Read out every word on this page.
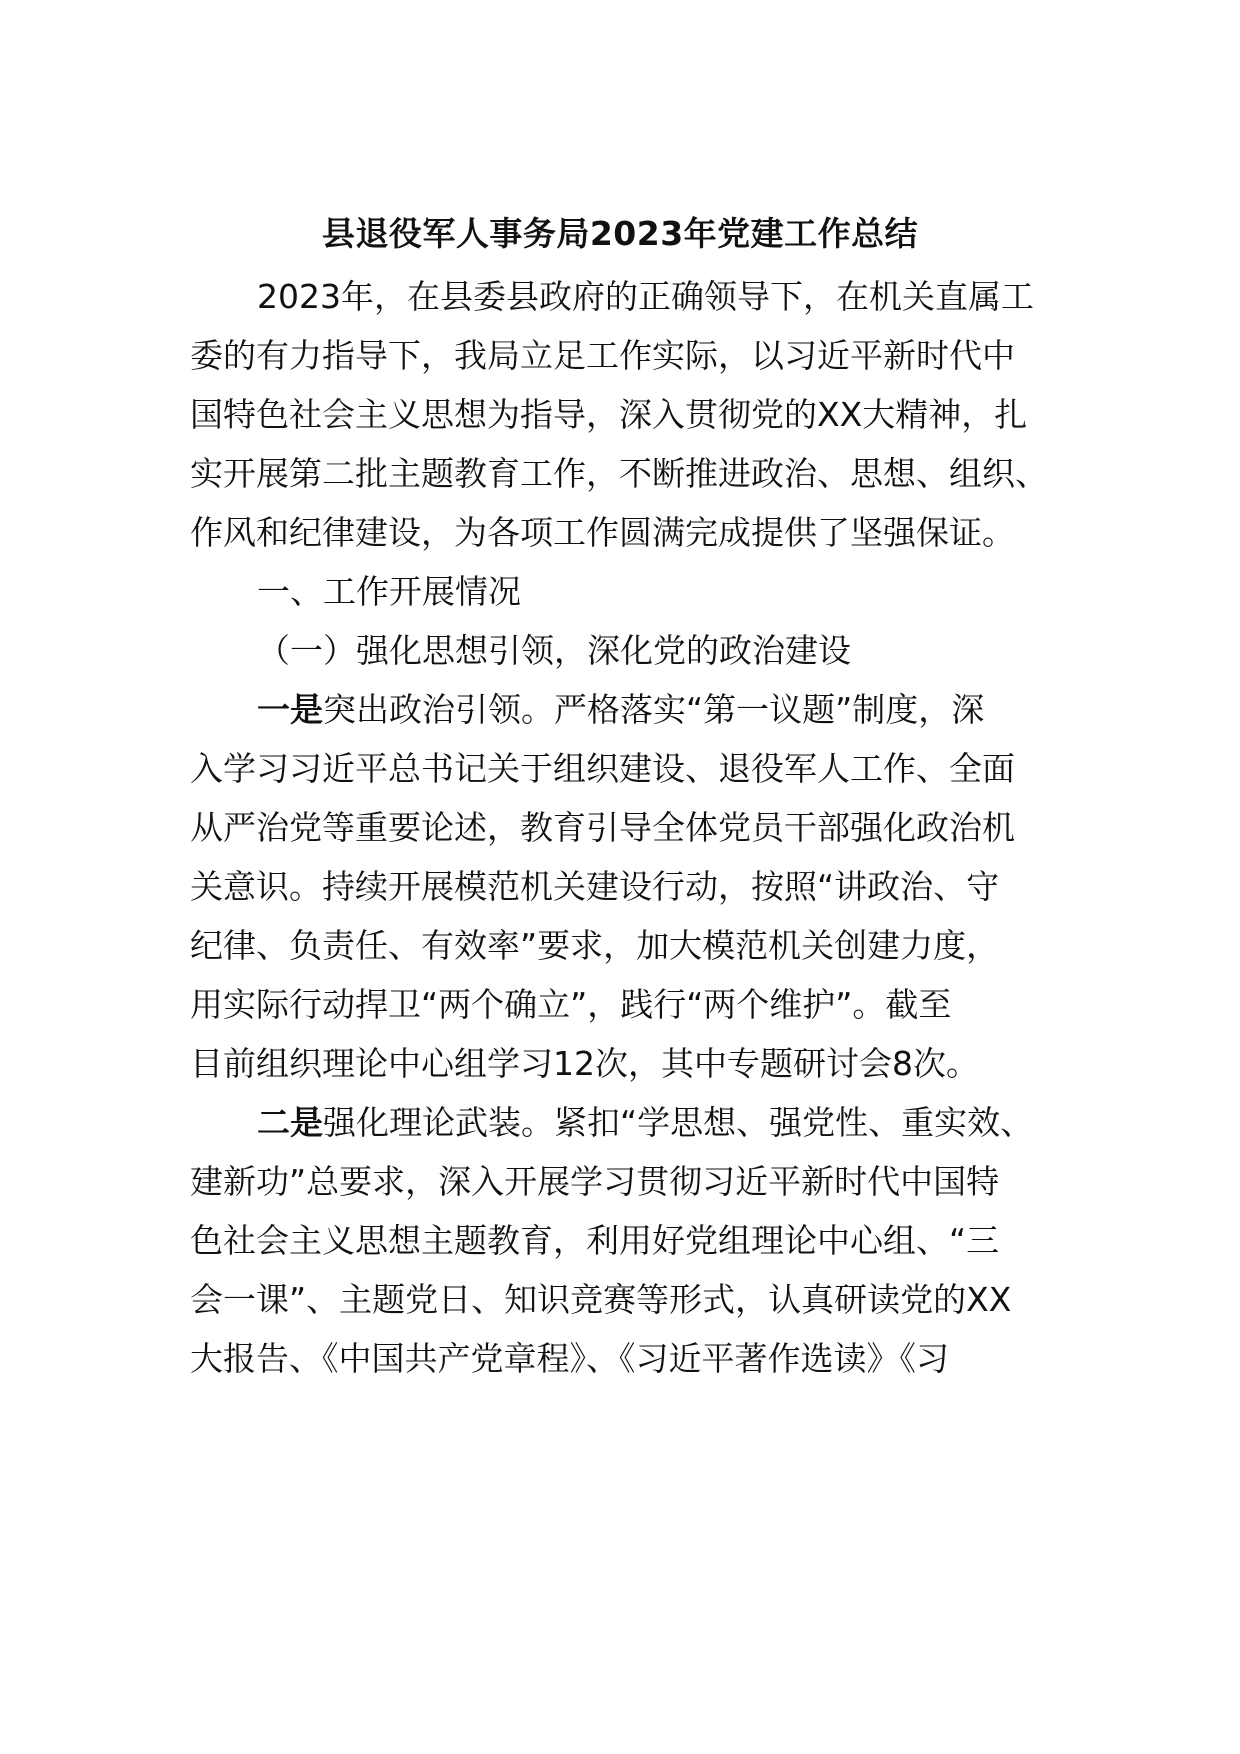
县退役军人事务局2023年党建工作总结
2023年，在县委县政府的正确领导下，在机关直属工
委的有力指导下，我局立足工作实际，以习近平新时代中
国特色社会主义思想为指导，深入贯彻党的XX大精神，扎
实开展第二批主题教育工作，不断推进政治、思想、组织、
作风和纪律建设，为各项工作圆满完成提供了坚强保证。
一、工作开展情况
（一）强化思想引领，深化党的政治建设
一是突出政治引领。严格落实“第一议题”制度，深
入学习习近平总书记关于组织建设、退役军人工作、全面
从严治党等重要论述，教育引导全体党员干部强化政治机
关意识。持续开展模范机关建设行动，按照“讲政治、守
纪律、负责任、有效率”要求，加大模范机关创建力度，
用实际行动捍卫“两个确立”，践行“两个维护”。截至
目前组织理论中心组学习12次，其中专题研讨会8次。
二是强化理论武装。紧扣“学思想、强党性、重实效、
建新功”总要求，深入开展学习贯彻习近平新时代中国特
色社会主义思想主题教育，利用好党组理论中心组、“三
会一课”、主题党日、知识竞赛等形式，认真研读党的XX
大报告、《中国共产党章程》、《习近平著作选读》《习
